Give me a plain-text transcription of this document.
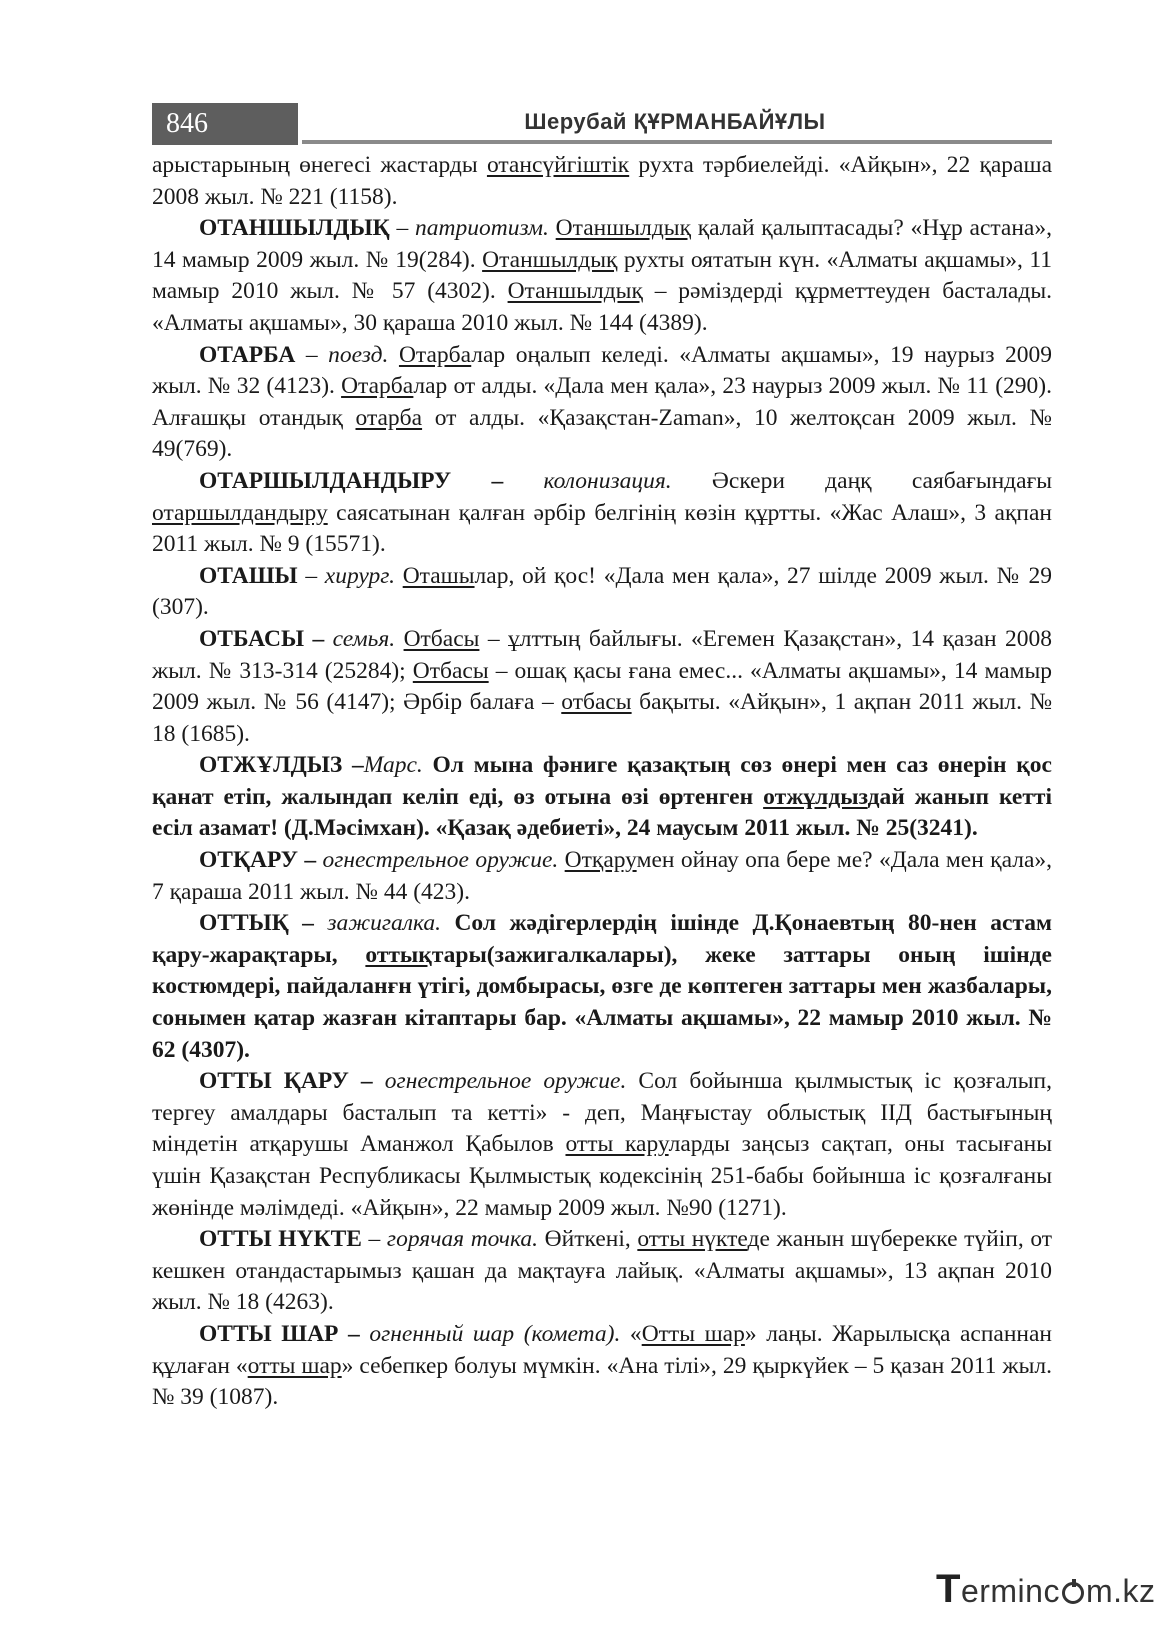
846	Шерубай ҚҰРМАНБАЙҰЛЫ

арыстарының өнегесі жастарды отансүйгіштік рухта тәрбиелейді. «Айқын», 22 қараша 2008 жыл. № 221 (1158).

ОТАНШЫЛДЫҚ – патриотизм. Отаншылдық қалай қалыптасады? «Нұр астана», 14 мамыр 2009 жыл. № 19(284). Отаншылдық рухты оятатын күн. «Алматы ақшамы», 11 мамыр 2010 жыл. № 57 (4302). Отаншылдық – рәміздерді құрметтеуден басталады. «Алматы ақшамы», 30 қараша 2010 жыл. № 144 (4389).

ОТАРБА – поезд. Отарбалар оңалып келеді. «Алматы ақшамы», 19 наурыз 2009 жыл. № 32 (4123). Отарбалар от алды. «Дала мен қала», 23 наурыз 2009 жыл. № 11 (290). Алғашқы отандық отарба от алды. «Қазақстан-Zaman», 10 желтоқсан 2009 жыл. № 49(769).

ОТАРШЫЛДАНДЫРУ – колонизация. Әскери даңқ саябағындағы отаршылдандыру саясатынан қалған әрбір белгінің көзін құртты. «Жас Алаш», 3 ақпан 2011 жыл. № 9 (15571).

ОТАШЫ – хирург. Оташылар, ой қос! «Дала мен қала», 27 шілде 2009 жыл. № 29 (307).

ОТБАСЫ – семья. Отбасы – ұлттың байлығы. «Егемен Қазақстан», 14 қазан 2008 жыл. № 313-314 (25284); Отбасы – ошақ қасы ғана емес... «Алматы ақшамы», 14 мамыр 2009 жыл. № 56 (4147); Әрбір балаға – отбасы бақыты. «Айқын», 1 ақпан 2011 жыл. № 18 (1685).

ОТЖҰЛДЫЗ –Марс. Ол мына фәниге қазақтың сөз өнері мен саз өнерін қос қанат етіп, жалындап келіп еді, өз отына өзі өртенген отжұлдыздай жанып кетті есіл азамат! (Д.Мәсімхан). «Қазақ әдебиеті», 24 маусым 2011 жыл. № 25(3241).

ОТҚАРУ – огнестрельное оружие. Отқарумен ойнау опа бере ме? «Дала мен қала», 7 қараша 2011 жыл. № 44 (423).

ОТТЫҚ – зажигалка. Сол жәдігерлердің ішінде Д.Қонаевтың 80-нен астам қару-жарақтары, оттықтары(зажигалкалары), жеке заттары оның ішінде костюмдері, пайдаланғн үтігі, домбырасы, өзге де көптеген заттары мен жазбалары, сонымен қатар жазған кітаптары бар. «Алматы ақшамы», 22 мамыр 2010 жыл. № 62 (4307).

ОТТЫ ҚАРУ – огнестрельное оружие. Сол бойынша қылмыстық іс қозғалып, тергеу амалдары басталып та кетті» - деп, Маңғыстау облыстық ІІД бастығының міндетін атқарушы Аманжол Қабылов отты каруларды заңсыз сақтап, оны тасығаны үшін Қазақстан Республикасы Қылмыстық кодексінің 251-бабы бойынша іс қозғалғаны жөнінде мәлімдеді. «Айқын», 22 мамыр 2009 жыл. №90 (1271).

ОТТЫ НҮКТЕ – горячая точка. Өйткені, отты нүктеде жанын шүберекке түйіп, от кешкен отандастарымыз қашан да мақтауға лайық. «Алматы ақшамы», 13 ақпан 2010 жыл. № 18 (4263).

ОТТЫ ШАР – огненный шар (комета). «Отты шар» лаңы. Жарылысқа аспаннан құлаған «отты шар» себепкер болуы мүмкін. «Ана тілі», 29 қыркүйек – 5 қазан 2011 жыл. № 39 (1087).

Terminc m.kz
